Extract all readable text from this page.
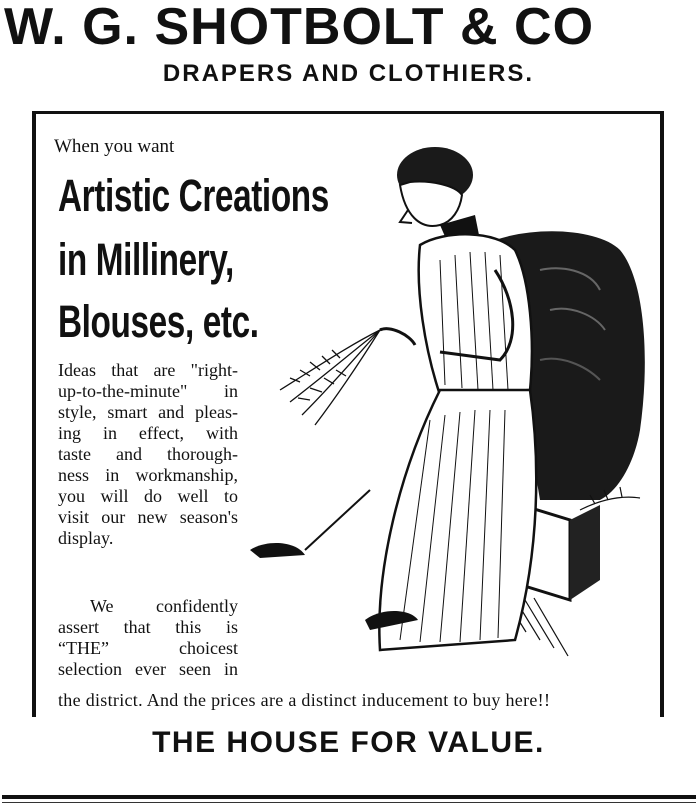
W. G. SHOTBOLT & CO
DRAPERS AND CLOTHIERS.
When you want
Artistic Creations
in Millinery,
Blouses, etc.
Ideas that are "right-
up-to-the-minute" in
style, smart and pleas-
ing in effect, with
taste and thorough-
ness in workmanship,
you will do well to
visit our new season's
display.
We confidently
assert that this is
“THE” choicest
selection ever seen in
the district. And the prices are a distinct inducement to buy here!!
THE HOUSE FOR VALUE.
